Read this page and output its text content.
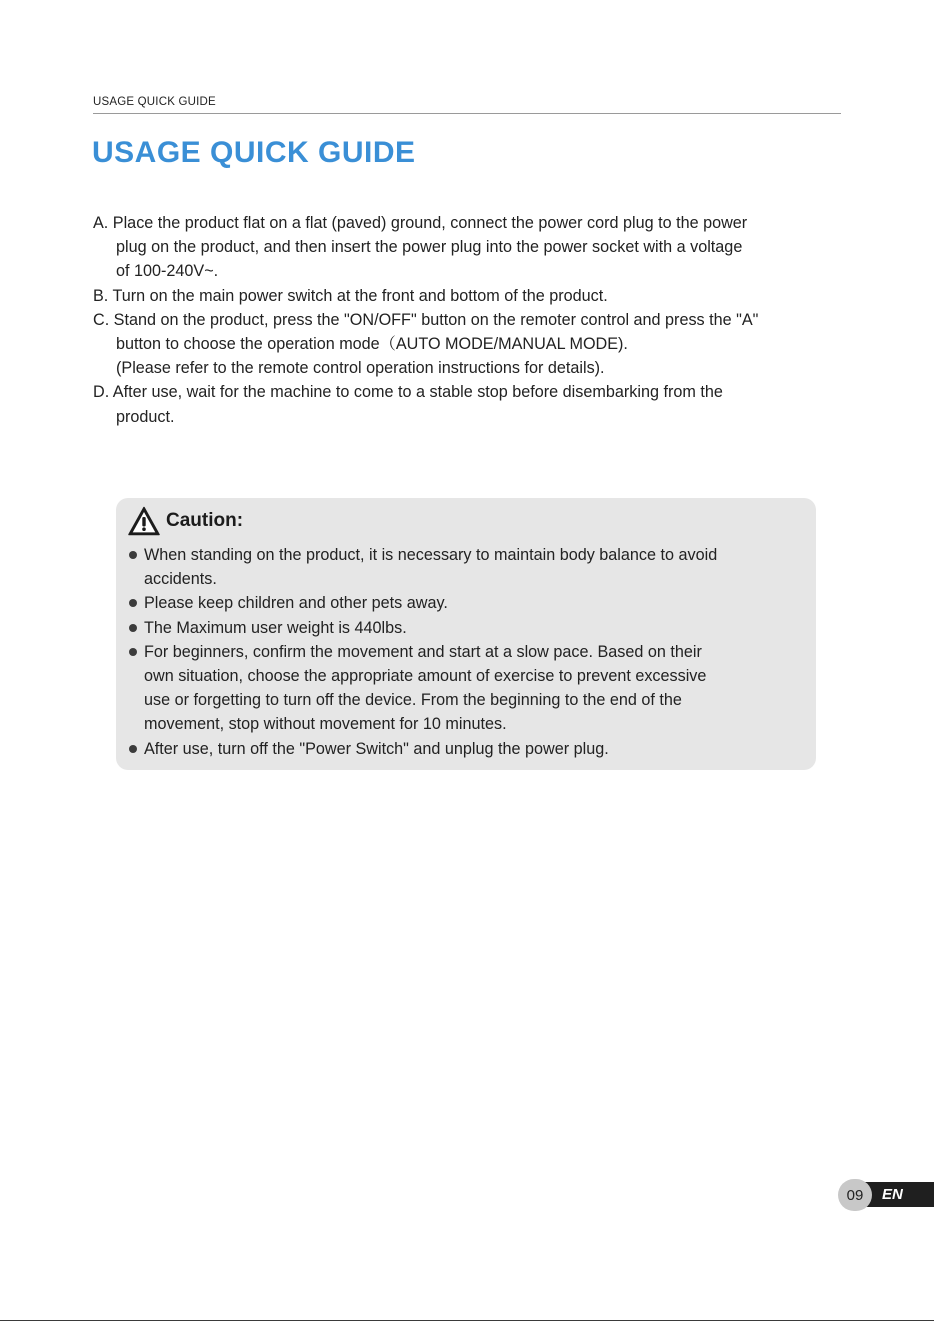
USAGE QUICK GUIDE
USAGE QUICK GUIDE
A. Place the product flat on a flat (paved) ground, connect the power cord plug to the power
plug on the product, and then insert the power plug into the power socket with a voltage
of 100-240V~.
B. Turn on the main power switch at the front and bottom of the product.
C. Stand on the product, press the "ON/OFF" button on the remoter control and press the "A"
button to choose the operation mode（AUTO MODE/MANUAL MODE).
(Please refer to the remote control operation instructions for details).
D. After use, wait for the machine to come to a stable stop before disembarking from the
product.
Caution:
When standing on the product, it is necessary to maintain body balance to avoid
accidents.
Please keep children and other pets away.
The Maximum user weight is 440lbs.
For beginners, confirm the movement and start at a slow pace. Based on their
own situation, choose the appropriate amount of exercise to prevent excessive
use or forgetting to turn off the device. From the beginning to the end of the
movement, stop without movement for 10 minutes.
After use, turn off the "Power Switch" and unplug the power plug.
09	EN
